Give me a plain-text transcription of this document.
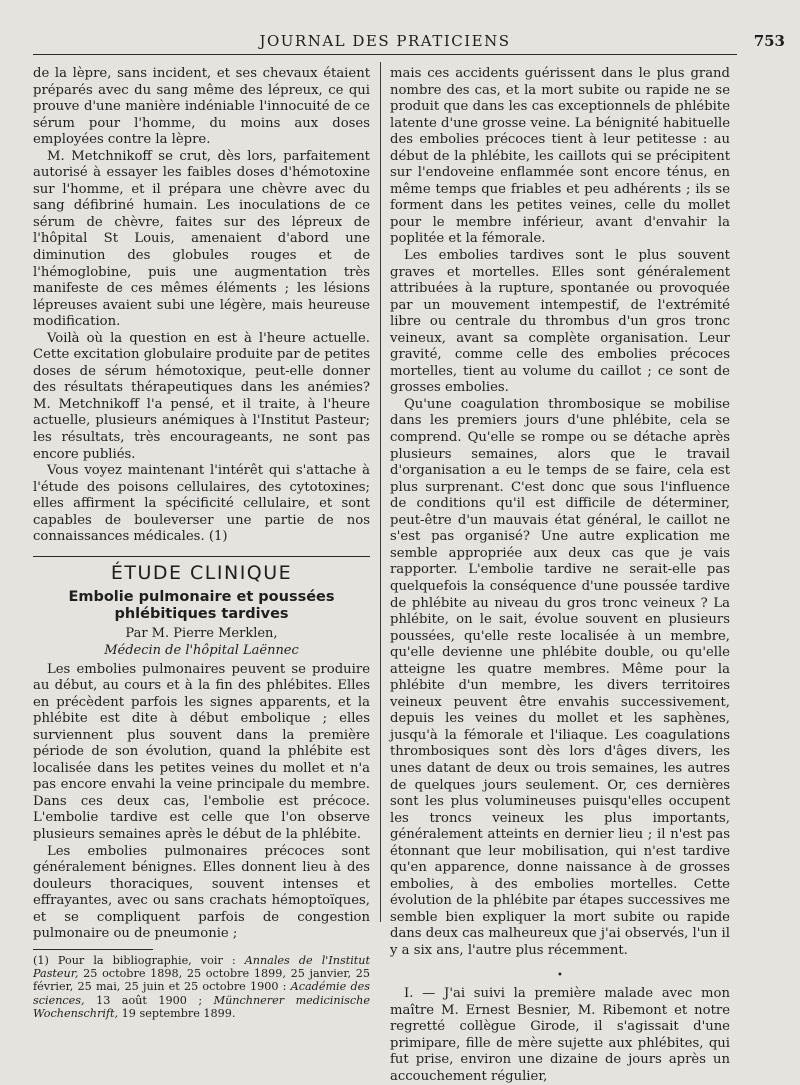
JOURNAL DES PRATICIENS	753

de la lèpre, sans incident, et ses chevaux étaient préparés avec du sang même des lépreux, ce qui prouve d'une manière indéniable l'innocuité de ce sérum pour l'homme, du moins aux doses employées contre la lèpre.

M. Metchnikoff se crut, dès lors, parfaitement autorisé à essayer les faibles doses d'hémotoxine sur l'homme, et il prépara une chèvre avec du sang défibriné humain. Les inoculations de ce sérum de chèvre, faites sur des lépreux de l'hôpital St Louis, amenaient d'abord une diminution des globules rouges et de l'hémoglobine, puis une augmentation très manifeste de ces mêmes éléments ; les lésions lépreuses avaient subi une légère, mais heureuse modification.

Voilà où la question en est à l'heure actuelle. Cette excitation globulaire produite par de petites doses de sérum hémotoxique, peut-elle donner des résultats thérapeutiques dans les anémies? M. Metchnikoff l'a pensé, et il traite, à l'heure actuelle, plusieurs anémiques à l'Institut Pasteur; les résultats, très encourageants, ne sont pas encore publiés.

Vous voyez maintenant l'intérêt qui s'attache à l'étude des poisons cellulaires, des cytotoxines; elles affirment la spécificité cellulaire, et sont capables de bouleverser une partie de nos connaissances médicales. (1)

ÉTUDE CLINIQUE
Embolie pulmonaire et poussées phlébitiques tardives
Par M. Pierre Merklen,
Médecin de l'hôpital Laënnec

Les embolies pulmonaires peuvent se produire au début, au cours et à la fin des phlébites. Elles en précèdent parfois les signes apparents, et la phlébite est dite à début embolique ; elles surviennent plus souvent dans la première période de son évolution, quand la phlébite est localisée dans les petites veines du mollet et n'a pas encore envahi la veine principale du membre. Dans ces deux cas, l'embolie est précoce. L'embolie tardive est celle que l'on observe plusieurs semaines après le début de la phlébite.

Les embolies pulmonaires précoces sont généralement bénignes. Elles donnent lieu à des douleurs thoraciques, souvent intenses et effrayantes, avec ou sans crachats hémoptoïques, et se compliquent parfois de congestion pulmonaire ou de pneumonie ;

(1) Pour la bibliographie, voir : Annales de l'Institut Pasteur, 25 octobre 1898, 25 octobre 1899, 25 janvier, 25 février, 25 mai, 25 juin et 25 octobre 1900 : Académie des sciences, 13 août 1900 ; Münchnerer medicinische Wochenschrift, 19 septembre 1899.

mais ces accidents guérissent dans le plus grand nombre des cas, et la mort subite ou rapide ne se produit que dans les cas exceptionnels de phlébite latente d'une grosse veine. La bénignité habituelle des embolies précoces tient à leur petitesse : au début de la phlébite, les caillots qui se précipitent sur l'endoveine enflammée sont encore ténus, en même temps que friables et peu adhérents ; ils se forment dans les petites veines, celle du mollet pour le membre inférieur, avant d'envahir la poplitée et la fémorale.

Les embolies tardives sont le plus souvent graves et mortelles. Elles sont généralement attribuées à la rupture, spontanée ou provoquée par un mouvement intempestif, de l'extrémité libre ou centrale du thrombus d'un gros tronc veineux, avant sa complète organisation. Leur gravité, comme celle des embolies précoces mortelles, tient au volume du caillot ; ce sont de grosses embolies.

Qu'une coagulation thrombosique se mobilise dans les premiers jours d'une phlébite, cela se comprend. Qu'elle se rompe ou se détache après plusieurs semaines, alors que le travail d'organisation a eu le temps de se faire, cela est plus surprenant. C'est donc que sous l'influence de conditions qu'il est difficile de déterminer, peut-être d'un mauvais état général, le caillot ne s'est pas organisé? Une autre explication me semble appropriée aux deux cas que je vais rapporter. L'embolie tardive ne serait-elle pas quelquefois la conséquence d'une poussée tardive de phlébite au niveau du gros tronc veineux ? La phlébite, on le sait, évolue souvent en plusieurs poussées, qu'elle reste localisée à un membre, qu'elle devienne une phlébite double, ou qu'elle atteigne les quatre membres. Même pour la phlébite d'un membre, les divers territoires veineux peuvent être envahis successivement, depuis les veines du mollet et les saphènes, jusqu'à la fémorale et l'iliaque. Les coagulations thrombosiques sont dès lors d'âges divers, les unes datant de deux ou trois semaines, les autres de quelques jours seulement. Or, ces dernières sont les plus volumineuses puisqu'elles occupent les troncs veineux les plus importants, généralement atteints en dernier lieu ; il n'est pas étonnant que leur mobilisation, qui n'est tardive qu'en apparence, donne naissance à de grosses embolies, à des embolies mortelles. Cette évolution de la phlébite par étapes successives me semble bien expliquer la mort subite ou rapide dans deux cas malheureux que j'ai observés, l'un il y a six ans, l'autre plus récemment.

•

I. — J'ai suivi la première malade avec mon maître M. Ernest Besnier, M. Ribemont et notre regretté collègue Girode, il s'agissait d'une primipare, fille de mère sujette aux phlébites, qui fut prise, environ une dizaine de jours après un accouchement régulier,
